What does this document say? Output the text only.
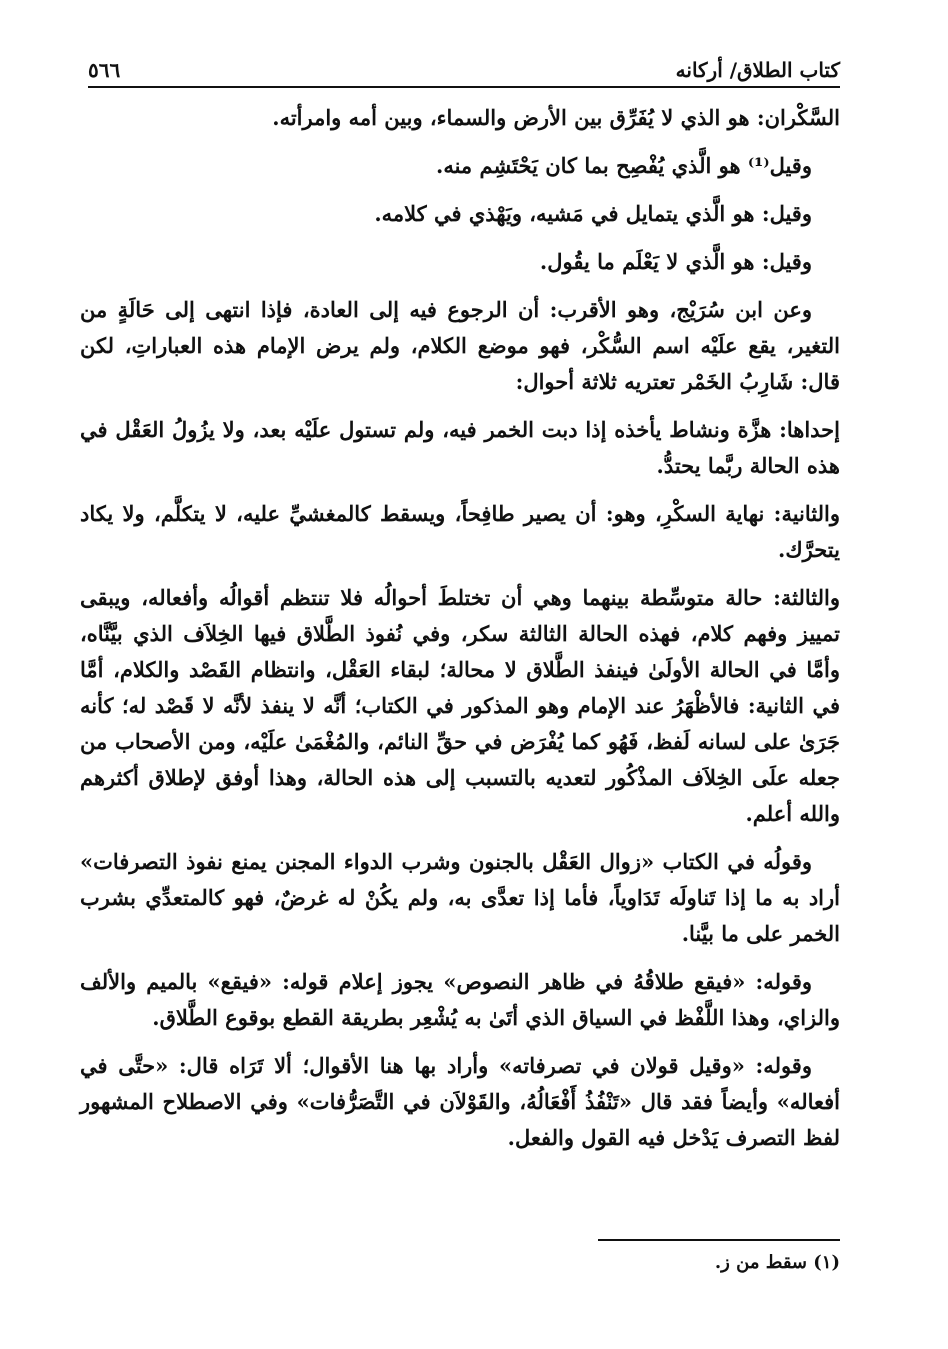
كتاب الطلاق/ أركانه
٥٦٦

السَّكْران: هو الذي لا يُفَرِّق بين الأرض والسماء، وبين أمه وامرأته.

وقيل⁽¹⁾ هو الَّذي يُفْصِح بما كان يَحْتَشِم منه.

وقيل: هو الَّذي يتمايل في مَشيه، ويَهْذي في كلامه.

وقيل: هو الَّذي لا يَعْلَم ما يقُول.

وعن ابن سُرَيْج، وهو الأقرب: أن الرجوع فيه إلى العادة، فإذا انتهى إلى حَالَةٍ من التغير، يقع علَيْه اسم السُّكْر، فهو موضع الكلام، ولم يرض الإمام هذه العباراتِ، لكن قال: شَارِبُ الخَمْر تعتريه ثلاثة أحوال:

إحداها: هزَّة ونشاط يأخذه إذا دبت الخمر فيه، ولم تستول علَيْه بعد، ولا يزُولُ العَقْل في هذه الحالة ربَّما يحتدُّ.

والثانية: نهاية السكْرِ، وهو: أن يصير طافِحاً، ويسقط كالمغشيِّ عليه، لا يتكلَّم، ولا يكاد يتحرَّك.

والثالثة: حالة متوسِّطة بينهما وهي أن تختلطَ أحوالُه فلا تنتظم أقوالُه وأفعاله، ويبقى تمييز وفهم كلام، فهذه الحالة الثالثة سكر، وفي نُفوذ الطَّلاق فيها الخِلاَف الذي بيَّنَّاه، وأمَّا في الحالة الأولَىٰ فينفذ الطَّلاق لا محالة؛ لبقاء العَقْل، وانتظام القَصْد والكلام، أمَّا في الثانية: فالأظْهَرُ عند الإمام وهو المذكور في الكتاب؛ أنَّه لا ينفذ لأنَّه لا قَصْد له؛ كأنه جَرَىٰ على لسانه لَفظ، فَهُو كما يُفْرَض في حقِّ النائم، والمُغْمَىٰ علَيْه، ومن الأصحاب من جعله علَى الخِلاَف المذْكُور لتعديه بالتسبب إلى هذه الحالة، وهذا أوفق لإطلاق أكثرهم والله أعلم.

وقولُه في الكتاب «زوال العَقْل بالجنون وشرب الدواء المجنن يمنع نفوذ التصرفات» أراد به ما إذا تَناولَه تَدَاوياً، فأما إذا تعدَّى به، ولم يكُنْ له غرضٌ، فهو كالمتعدِّي بشرب الخمر على ما بيَّنا.

وقوله: «فيقع طلاقُهُ في ظاهر النصوص» يجوز إعلام قوله: «فيقع» بالميم والألف والزاي، وهذا اللَّفْظ في السياق الذي أتَىٰ به يُشْعِر بطريقة القطع بوقوع الطَّلاق.

وقوله: «وقيل قولان في تصرفاته» وأراد بها هنا الأقوال؛ ألا تَرَاه قال: «حتَّى في أفعاله» وأيضاً فقد قال «تَنْفُذُ أَفْعَالُهُ، والقَوْلاَن في التَّصَرُّفات» وفي الاصطلاح المشهور لفظ التصرف يَدْخل فيه القول والفعل.

(١) سقط من ز.
